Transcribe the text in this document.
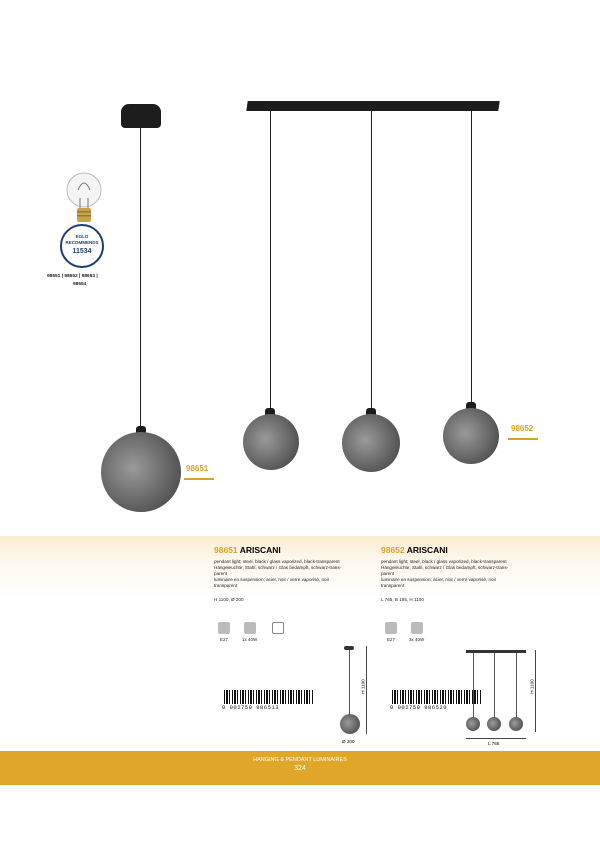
98651
98652
EGLO
RECOMMENDS
11534
98651 | 98652 | 98653 |
98654
98651 ARISCANI
pendant light; steel, black / glass vaporized, black-transparent
Hängeleuchte; Stahl, schwarz / Glas bedampft, schwarz-trans-
parent
luminaire en suspension; acier, noir / verre vaporisé, noir
transparent
H 1100, Ø 200
E27	1x 40W
9 002759 986513
H 1100
Ø 200
98652 ARISCANI
pendant light; steel, black / glass vaporized, black-transparent
Hängeleuchte; Stahl, schwarz / Glas bedampft, schwarz-trans-
parent
luminaire en suspension; acier, noir / verre vaporisé, noir
transparent
L 765, B 185, H 1100
E27	3x 40W
9 002759 986520
H 1100
L 765
HANGING & PENDANT LUMINAIRES
324
